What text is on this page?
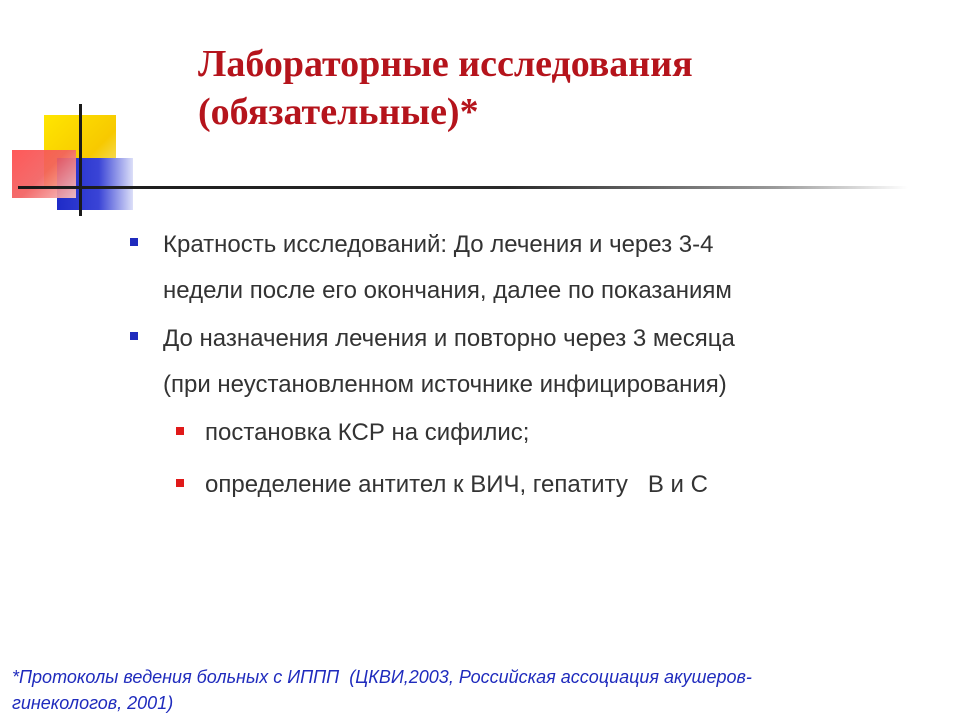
Лабораторные исследования
(обязательные)*
Кратность исследований: До лечения и через 3-4
недели после его окончания, далее по показаниям
До назначения лечения и повторно через 3 месяца
(при неустановленном источнике инфицирования)
постановка КСР на сифилис;
определение антител к ВИЧ, гепатиту   В и С
*Протоколы ведения больных с ИППП  (ЦКВИ,2003, Российская ассоциация акушеров-
гинекологов, 2001)
